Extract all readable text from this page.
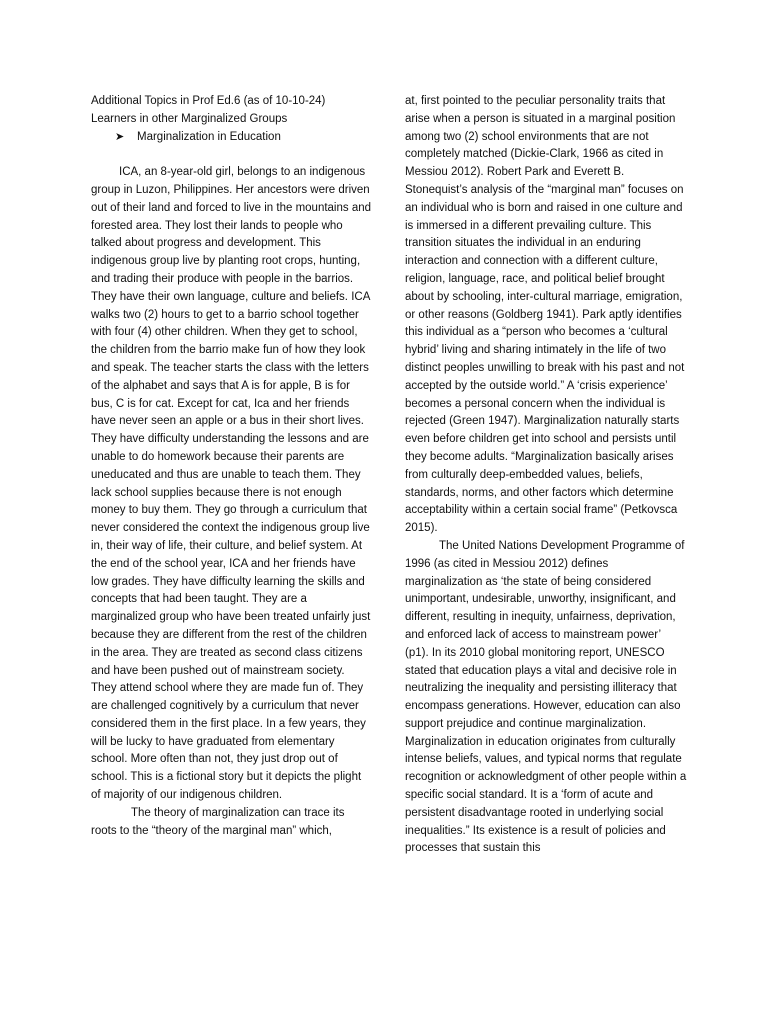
Additional Topics in Prof Ed.6 (as of 10-10-24)
Learners in other Marginalized Groups
➤ Marginalization in Education

ICA, an 8-year-old girl, belongs to an indigenous group in Luzon, Philippines. Her ancestors were driven out of their land and forced to live in the mountains and forested area. They lost their lands to people who talked about progress and development. This indigenous group live by planting root crops, hunting, and trading their produce with people in the barrios. They have their own language, culture and beliefs. ICA walks two (2) hours to get to a barrio school together with four (4) other children. When they get to school, the children from the barrio make fun of how they look and speak. The teacher starts the class with the letters of the alphabet and says that A is for apple, B is for bus, C is for cat. Except for cat, Ica and her friends have never seen an apple or a bus in their short lives. They have difficulty understanding the lessons and are unable to do homework because their parents are uneducated and thus are unable to teach them. They lack school supplies because there is not enough money to buy them. They go through a curriculum that never considered the context the indigenous group live in, their way of life, their culture, and belief system. At the end of the school year, ICA and her friends have low grades. They have difficulty learning the skills and concepts that had been taught. They are a marginalized group who have been treated unfairly just because they are different from the rest of the children in the area. They are treated as second class citizens and have been pushed out of mainstream society. They attend school where they are made fun of. They are challenged cognitively by a curriculum that never considered them in the first place. In a few years, they will be lucky to have graduated from elementary school. More often than not, they just drop out of school. This is a fictional story but it depicts the plight of majority of our indigenous children.

The theory of marginalization can trace its roots to the “theory of the marginal man” which,

at, first pointed to the peculiar personality traits that arise when a person is situated in a marginal position among two (2) school environments that are not completely matched (Dickie-Clark, 1966 as cited in Messiou 2012). Robert Park and Everett B. Stonequist’s analysis of the “marginal man” focuses on an individual who is born and raised in one culture and is immersed in a different prevailing culture. This transition situates the individual in an enduring interaction and connection with a different culture, religion, language, race, and political belief brought about by schooling, inter-cultural marriage, emigration, or other reasons (Goldberg 1941). Park aptly identifies this individual as a “person who becomes a ‘cultural hybrid’ living and sharing intimately in the life of two distinct peoples unwilling to break with his past and not accepted by the outside world.” A ‘crisis experience’ becomes a personal concern when the individual is rejected (Green 1947). Marginalization naturally starts even before children get into school and persists until they become adults. “Marginalization basically arises from culturally deep-embedded values, beliefs, standards, norms, and other factors which determine acceptability within a certain social frame” (Petkovsca 2015).

The United Nations Development Programme of 1996 (as cited in Messiou 2012) defines marginalization as ‘the state of being considered unimportant, undesirable, unworthy, insignificant, and different, resulting in inequity, unfairness, deprivation, and enforced lack of access to mainstream power’ (p1). In its 2010 global monitoring report, UNESCO stated that education plays a vital and decisive role in neutralizing the inequality and persisting illiteracy that encompass generations. However, education can also support prejudice and continue marginalization. Marginalization in education originates from culturally intense beliefs, values, and typical norms that regulate recognition or acknowledgment of other people within a specific social standard. It is a ‘form of acute and persistent disadvantage rooted in underlying social inequalities.” Its existence is a result of policies and processes that sustain this
